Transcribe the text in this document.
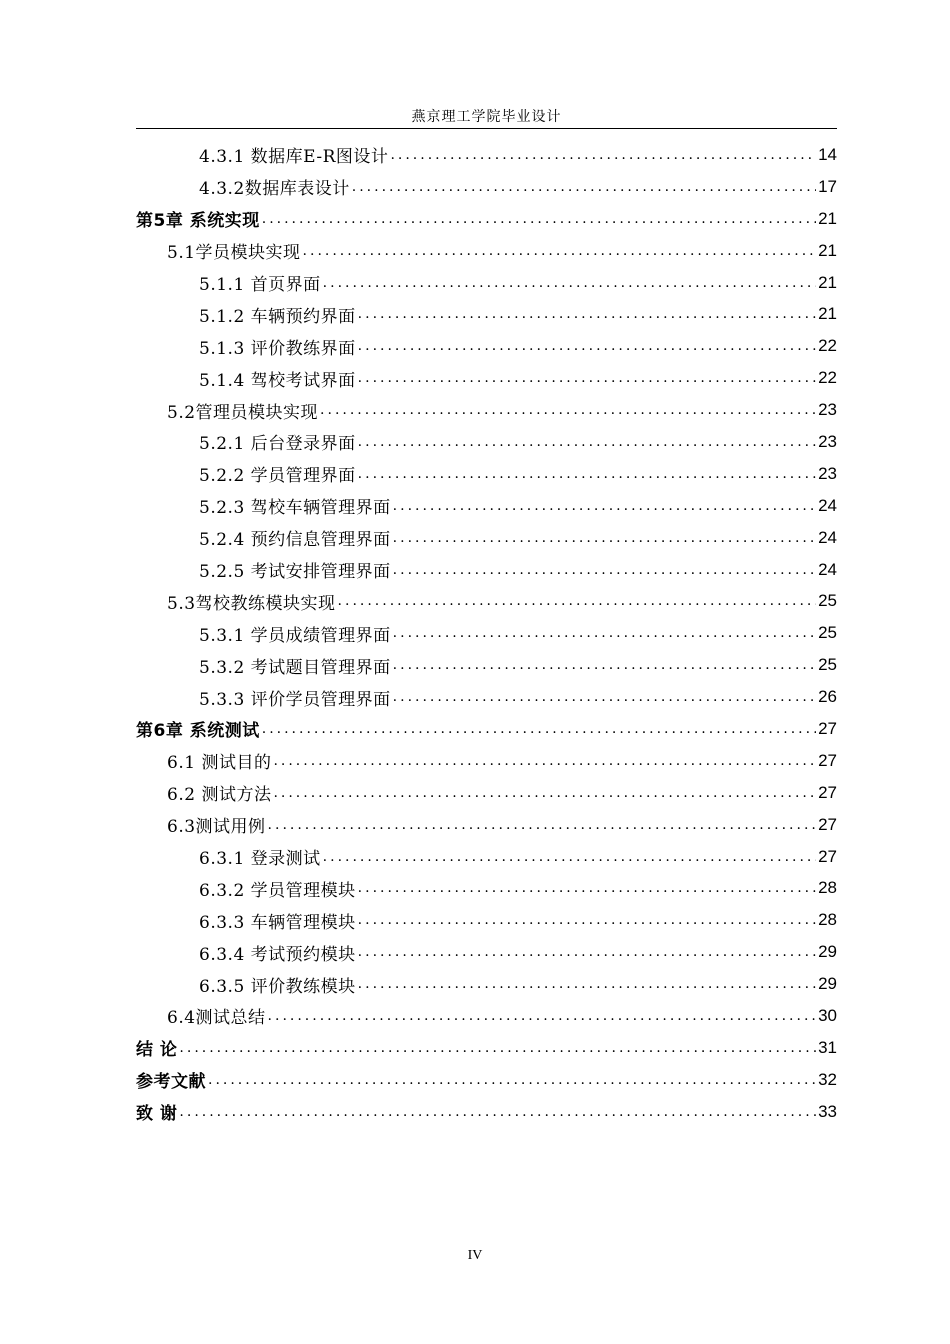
燕京理工学院毕业设计
4.3.1 数据库E-R图设计 .....	14
4.3.2数据库表设计 .....	17
第5章 系统实现 .....	21
5.1学员模块实现 .....	21
5.1.1 首页界面 .....	21
5.1.2 车辆预约界面 .....	21
5.1.3 评价教练界面 .....	22
5.1.4 驾校考试界面 .....	22
5.2管理员模块实现 .....	23
5.2.1 后台登录界面 .....	23
5.2.2 学员管理界面 .....	23
5.2.3 驾校车辆管理界面 .....	24
5.2.4 预约信息管理界面 .....	24
5.2.5 考试安排管理界面 .....	24
5.3驾校教练模块实现 .....	25
5.3.1 学员成绩管理界面 .....	25
5.3.2 考试题目管理界面 .....	25
5.3.3 评价学员管理界面 .....	26
第6章 系统测试 .....	27
6.1 测试目的 .....	27
6.2 测试方法 .....	27
6.3测试用例 .....	27
6.3.1 登录测试 .....	27
6.3.2 学员管理模块 .....	28
6.3.3 车辆管理模块 .....	28
6.3.4 考试预约模块 .....	29
6.3.5 评价教练模块 .....	29
6.4测试总结 .....	30
结 论 .....	31
参考文献 .....	32
致 谢 .....	33
IV
